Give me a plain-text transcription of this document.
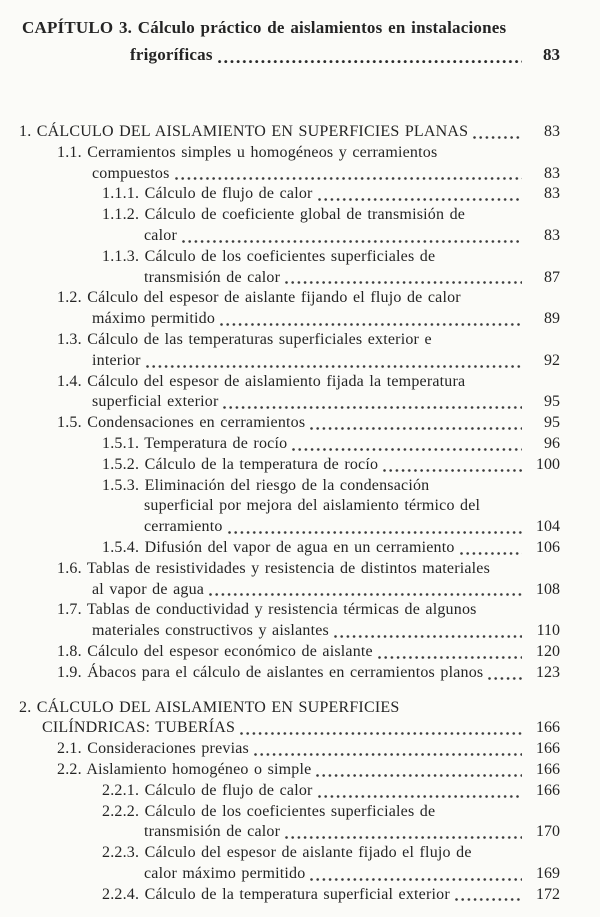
CAPÍTULO 3. Cálculo práctico de aislamientos en instalaciones
frigoríficas	83
1. CÁLCULO DEL AISLAMIENTO EN SUPERFICIES PLANAS	83
1.1. Cerramientos simples u homogéneos y cerramientos
compuestos	83
1.1.1. Cálculo de flujo de calor	83
1.1.2. Cálculo de coeficiente global de transmisión de
calor	83
1.1.3. Cálculo de los coeficientes superficiales de
transmisión de calor	87
1.2. Cálculo del espesor de aislante fijando el flujo de calor
máximo permitido	89
1.3. Cálculo de las temperaturas superficiales exterior e
interior	92
1.4. Cálculo del espesor de aislamiento fijada la temperatura
superficial exterior	95
1.5. Condensaciones en cerramientos	95
1.5.1. Temperatura de rocío	96
1.5.2. Cálculo de la temperatura de rocío	100
1.5.3. Eliminación del riesgo de la condensación
superficial por mejora del aislamiento térmico del
cerramiento	104
1.5.4. Difusión del vapor de agua en un cerramiento	106
1.6. Tablas de resistividades y resistencia de distintos materiales
al vapor de agua	108
1.7. Tablas de conductividad y resistencia térmicas de algunos
materiales constructivos y aislantes	110
1.8. Cálculo del espesor económico de aislante	120
1.9. Ábacos para el cálculo de aislantes en cerramientos planos	123
2. CÁLCULO DEL AISLAMIENTO EN SUPERFICIES
CILÍNDRICAS: TUBERÍAS	166
2.1. Consideraciones previas	166
2.2. Aislamiento homogéneo o simple	166
2.2.1. Cálculo de flujo de calor	166
2.2.2. Cálculo de los coeficientes superficiales de
transmisión de calor	170
2.2.3. Cálculo del espesor de aislante fijado el flujo de
calor máximo permitido	169
2.2.4. Cálculo de la temperatura superficial exterior	172
